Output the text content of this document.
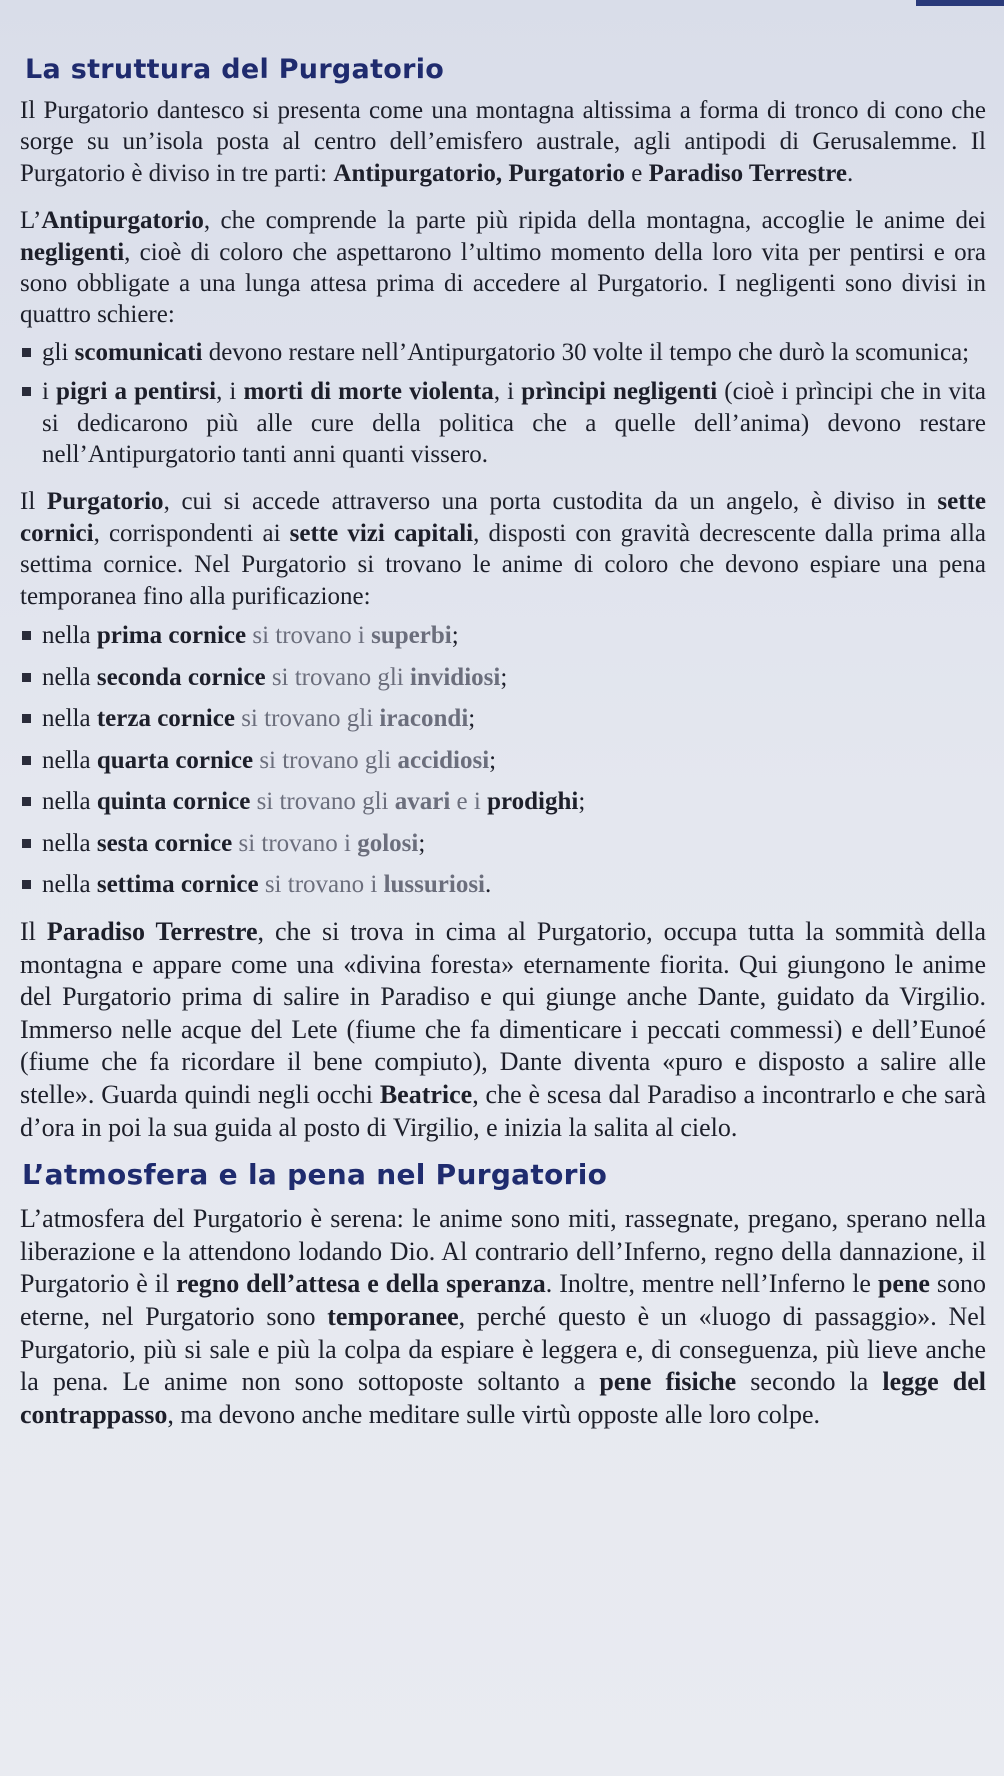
La struttura del Purgatorio

Il Purgatorio dantesco si presenta come una montagna altissima a forma di tronco di cono che sorge su un’isola posta al centro dell’emisfero australe, agli antipodi di Gerusalemme. Il Purgatorio è diviso in tre parti: Antipurgatorio, Purgatorio e Paradiso Terrestre.

L’Antipurgatorio, che comprende la parte più ripida della montagna, accoglie le anime dei negligenti, cioè di coloro che aspettarono l’ultimo momento della loro vita per pentirsi e ora sono obbligate a una lunga attesa prima di accedere al Purgatorio. I negligenti sono divisi in quattro schiere:

gli scomunicati devono restare nell’Antipurgatorio 30 volte il tempo che durò la scomunica;
i pigri a pentirsi, i morti di morte violenta, i prìncipi negligenti (cioè i prìncipi che in vita si dedicarono più alle cure della politica che a quelle dell’anima) devono restare nell’Antipurgatorio tanti anni quanti vissero.

Il Purgatorio, cui si accede attraverso una porta custodita da un angelo, è diviso in sette cornici, corrispondenti ai sette vizi capitali, disposti con gravità decrescente dalla prima alla settima cornice. Nel Purgatorio si trovano le anime di coloro che devono espiare una pena temporanea fino alla purificazione:

nella prima cornice si trovano i superbi;
nella seconda cornice si trovano gli invidiosi;
nella terza cornice si trovano gli iracondi;
nella quarta cornice si trovano gli accidiosi;
nella quinta cornice si trovano gli avari e i prodighi;
nella sesta cornice si trovano i golosi;
nella settima cornice si trovano i lussuriosi.

Il Paradiso Terrestre, che si trova in cima al Purgatorio, occupa tutta la sommità della montagna e appare come una «divina foresta» eternamente fiorita. Qui giungono le anime del Purgatorio prima di salire in Paradiso e qui giunge anche Dante, guidato da Virgilio. Immerso nelle acque del Lete (fiume che fa dimenticare i peccati commessi) e dell’Eunoé (fiume che fa ricordare il bene compiuto), Dante diventa «puro e disposto a salire alle stelle». Guarda quindi negli occhi Beatrice, che è scesa dal Paradiso a incontrarlo e che sarà d’ora in poi la sua guida al posto di Virgilio, e inizia la salita al cielo.

L’atmosfera e la pena nel Purgatorio

L’atmosfera del Purgatorio è serena: le anime sono miti, rassegnate, pregano, sperano nella liberazione e la attendono lodando Dio. Al contrario dell’Inferno, regno della dannazione, il Purgatorio è il regno dell’attesa e della speranza. Inoltre, mentre nell’Inferno le pene sono eterne, nel Purgatorio sono temporanee, perché questo è un «luogo di passaggio». Nel Purgatorio, più si sale e più la colpa da espiare è leggera e, di conseguenza, più lieve anche la pena. Le anime non sono sottoposte soltanto a pene fisiche secondo la legge del contrappasso, ma devono anche meditare sulle virtù opposte alle loro colpe.
